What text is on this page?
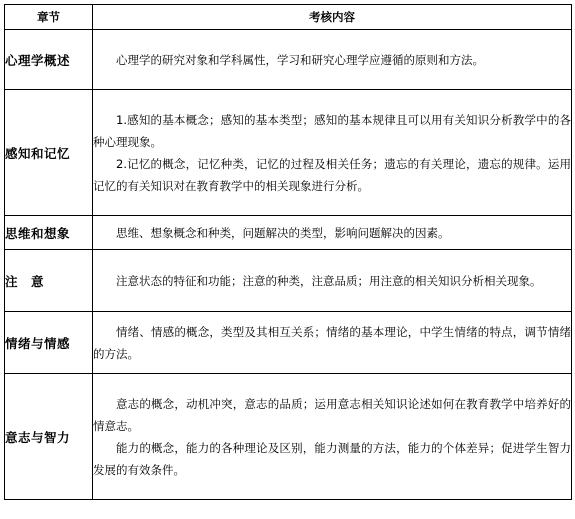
章节	考核内容
心理学概述	心理学的研究对象和学科属性，学习和研究心理学应遵循的原则和方法。

感知和记忆	1.感知的基本概念；感知的基本类型；感知的基本规律且可以用有关知识分析教学中的各种心理现象。

2.记忆的概念，记忆种类，记忆的过程及相关任务；遗忘的有关理论，遗忘的规律。运用记忆的有关知识对在教育教学中的相关现象进行分析。

思维和想象	思维、想象概念和种类，问题解决的类型，影响问题解决的因素。

注　意	注意状态的特征和功能；注意的种类，注意品质；用注意的相关知识分析相关现象。

情绪与情感	情绪、情感的概念，类型及其相互关系；情绪的基本理论，中学生情绪的特点，调节情绪的方法。

意志与智力	意志的概念，动机冲突，意志的品质；运用意志相关知识论述如何在教育教学中培养好的情意志。

能力的概念，能力的各种理论及区别，能力测量的方法，能力的个体差异；促进学生智力发展的有效条件。
